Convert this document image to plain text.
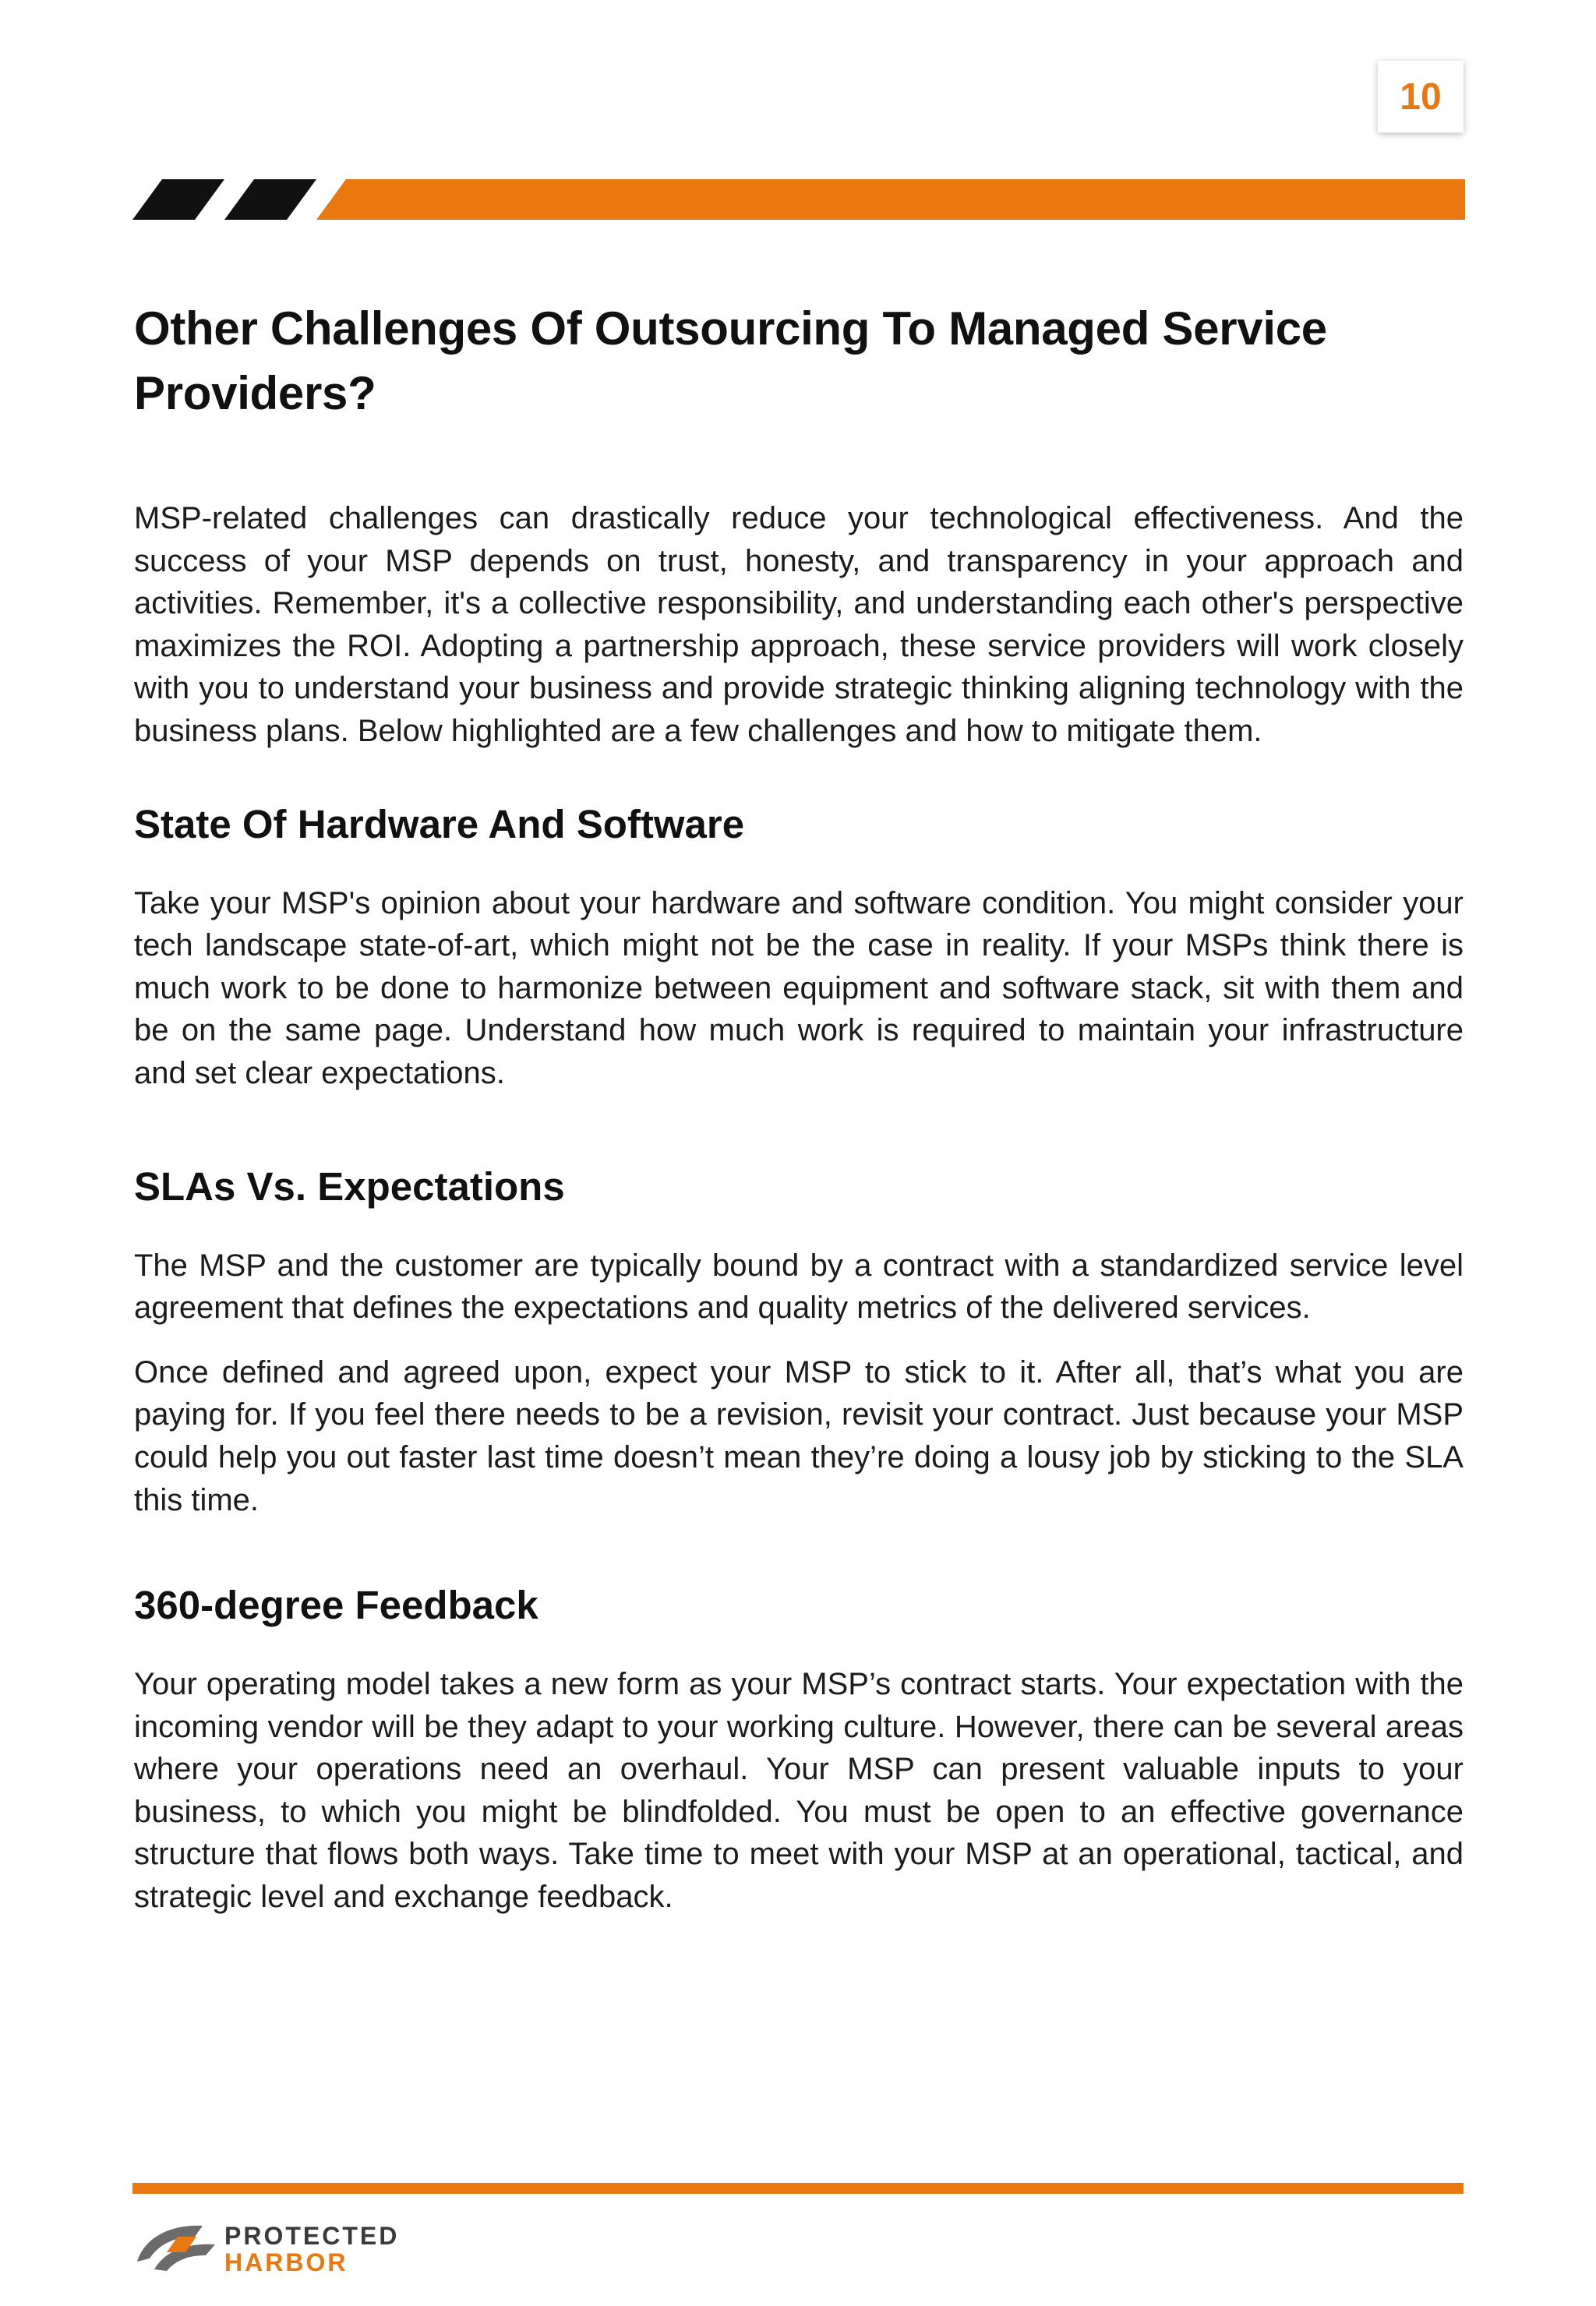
10
Other Challenges Of Outsourcing To Managed Service Providers?

MSP-related challenges can drastically reduce your technological effectiveness. And the success of your MSP depends on trust, honesty, and transparency in your approach and activities. Remember, it's a collective responsibility, and understanding each other's perspective maximizes the ROI. Adopting a partnership approach, these service providers will work closely with you to understand your business and provide strategic thinking aligning technology with the business plans. Below highlighted are a few challenges and how to mitigate them.

State Of Hardware And Software

Take your MSP's opinion about your hardware and software condition. You might consider your tech landscape state-of-art, which might not be the case in reality. If your MSPs think there is much work to be done to harmonize between equipment and software stack, sit with them and be on the same page. Understand how much work is required to maintain your infrastructure and set clear expectations.

SLAs Vs. Expectations

The MSP and the customer are typically bound by a contract with a standardized service level agreement that defines the expectations and quality metrics of the delivered services.

Once defined and agreed upon, expect your MSP to stick to it. After all, that’s what you are paying for. If you feel there needs to be a revision, revisit your contract. Just because your MSP could help you out faster last time doesn’t mean they’re doing a lousy job by sticking to the SLA this time.

360-degree Feedback

Your operating model takes a new form as your MSP’s contract starts. Your expectation with the incoming vendor will be they adapt to your working culture. However, there can be several areas where your operations need an overhaul. Your MSP can present valuable inputs to your business, to which you might be blindfolded. You must be open to an effective governance structure that flows both ways. Take time to meet with your MSP at an operational, tactical, and strategic level and exchange feedback.

PROTECTED
HARBOR
